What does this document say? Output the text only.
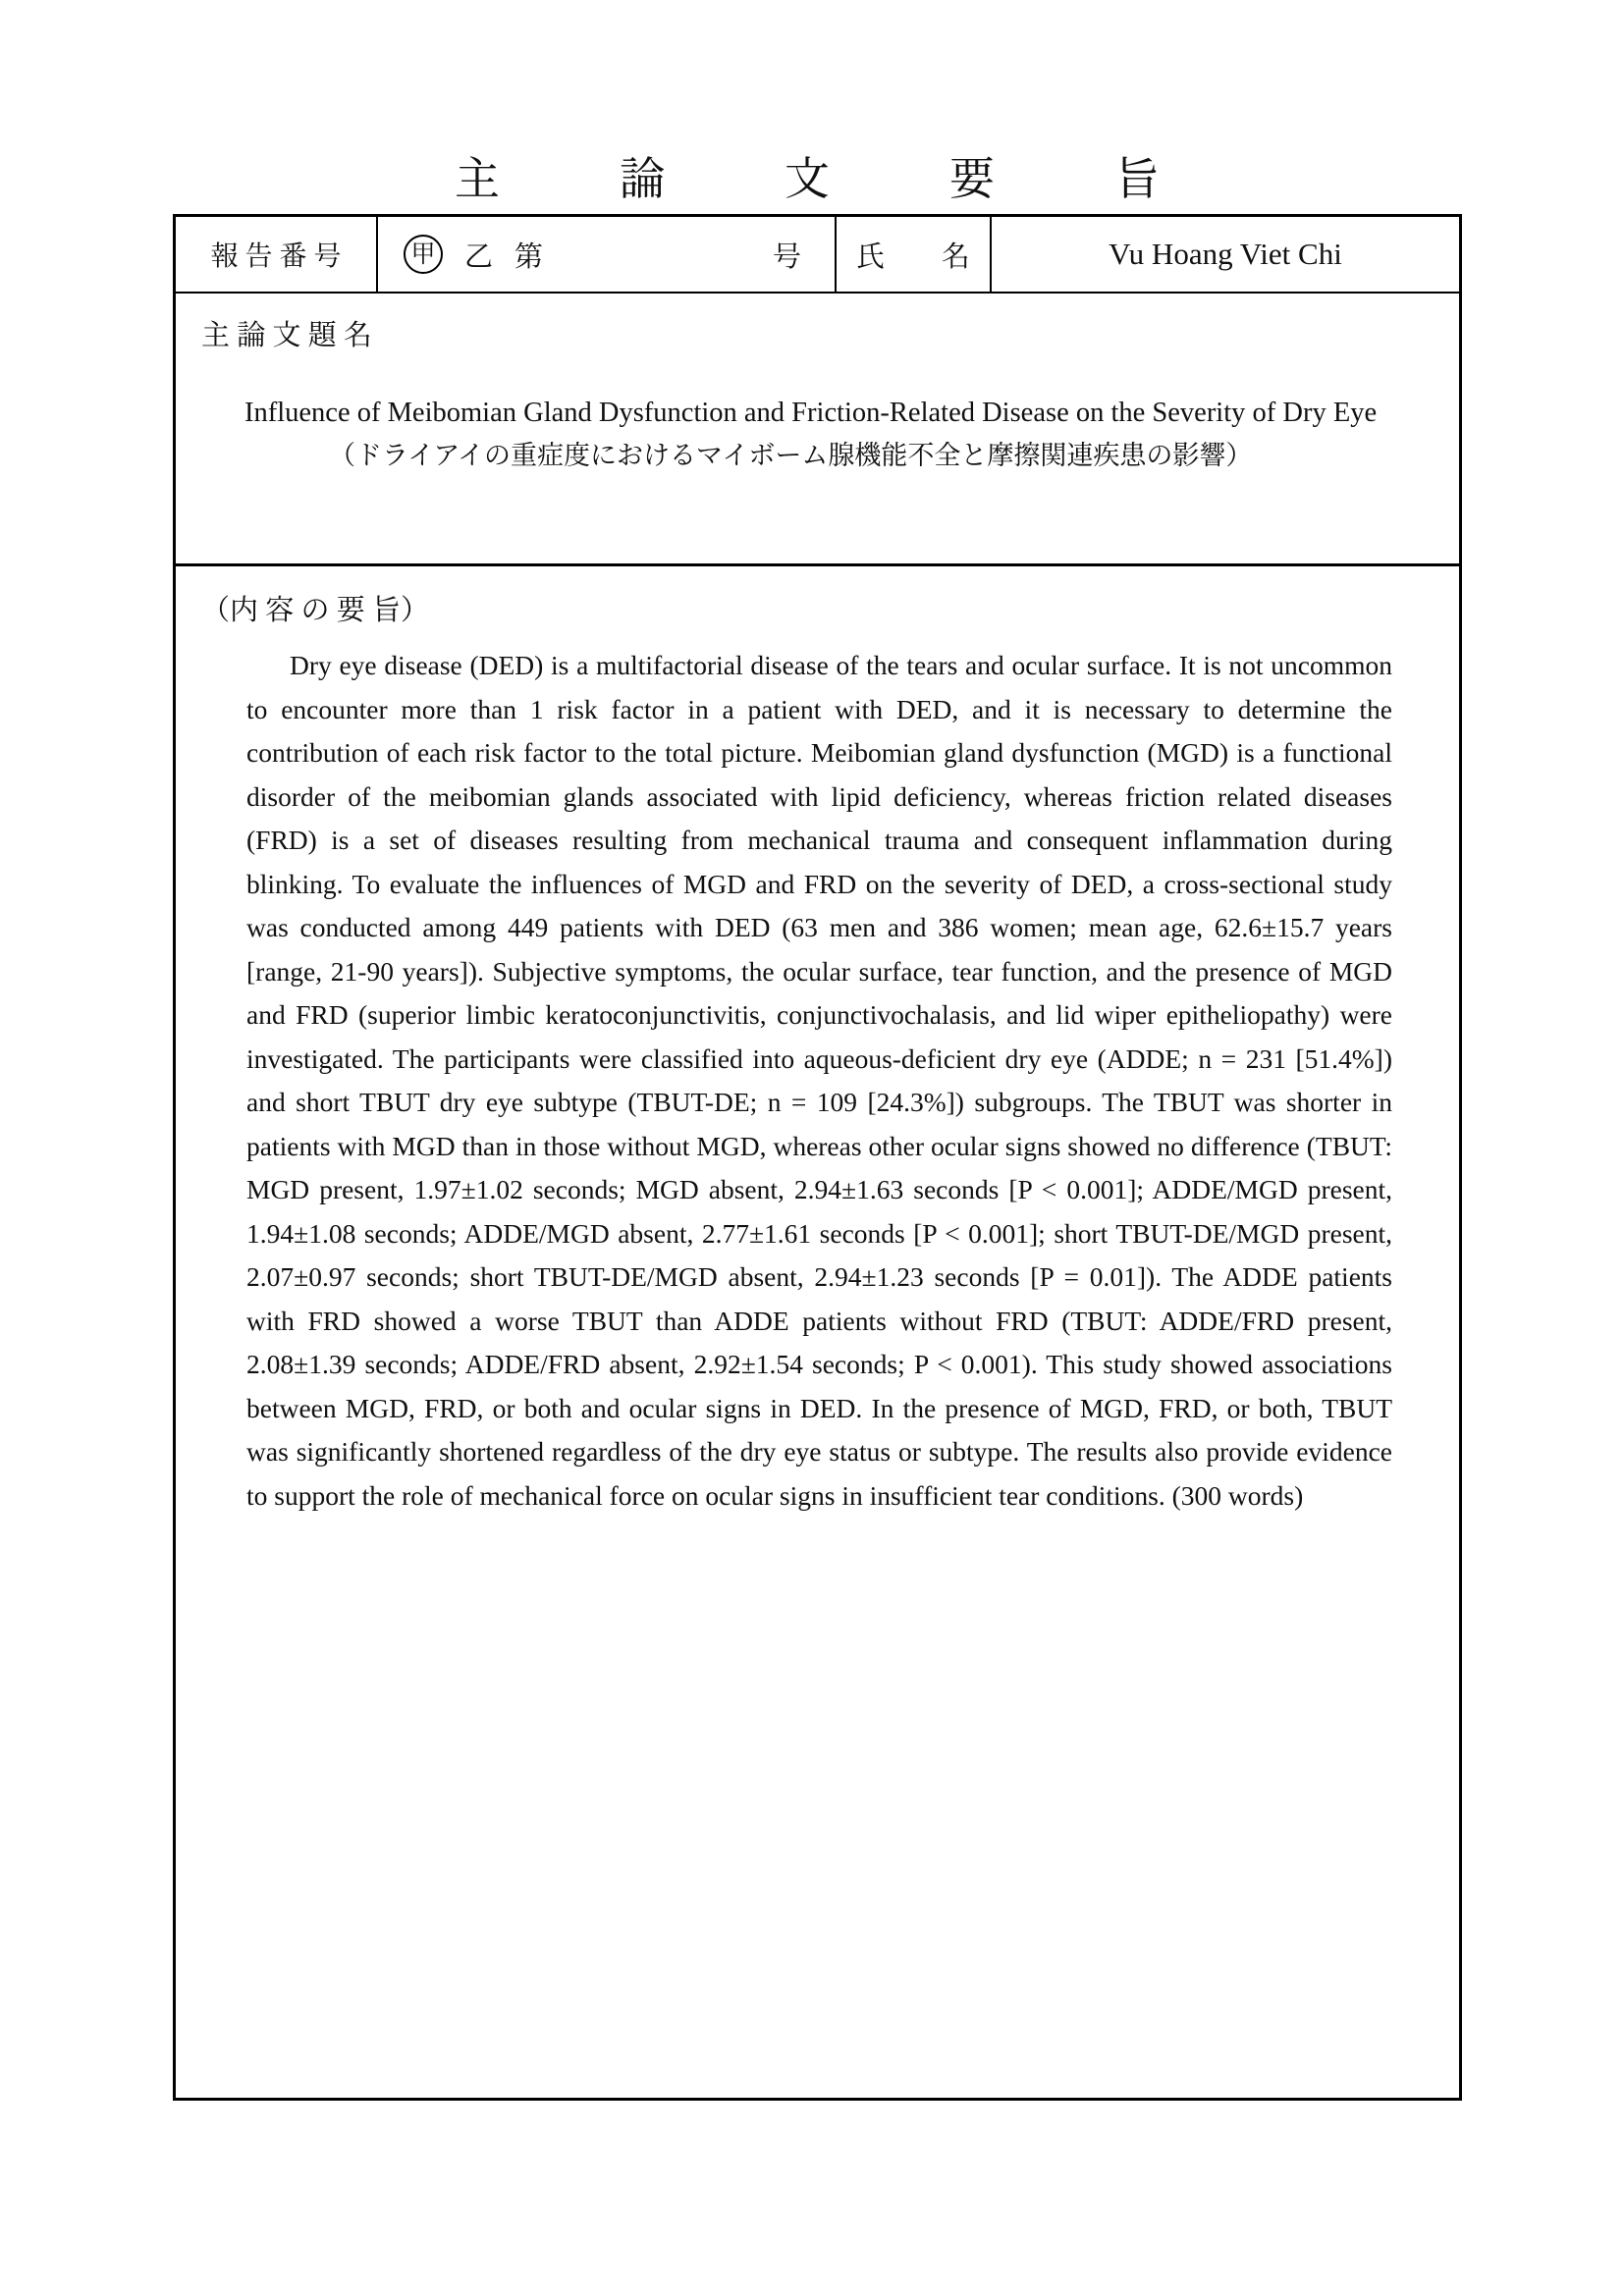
主　　論　　文　　要　　旨
報 告 番 号	甲 乙 第	号	氏　　名	Vu Hoang Viet Chi
主 論 文 題 名
Influence of Meibomian Gland Dysfunction and Friction-Related Disease on the Severity of Dry Eye
（ドライアイの重症度におけるマイボーム腺機能不全と摩擦関連疾患の影響）
（内 容 の 要 旨）
Dry eye disease (DED) is a multifactorial disease of the tears and ocular surface. It is not uncommon to encounter more than 1 risk factor in a patient with DED, and it is necessary to determine the contribution of each risk factor to the total picture. Meibomian gland dysfunction (MGD) is a functional disorder of the meibomian glands associated with lipid deficiency, whereas friction related diseases (FRD) is a set of diseases resulting from mechanical trauma and consequent inflammation during blinking. To evaluate the influences of MGD and FRD on the severity of DED, a cross-sectional study was conducted among 449 patients with DED (63 men and 386 women; mean age, 62.6±15.7 years [range, 21-90 years]). Subjective symptoms, the ocular surface, tear function, and the presence of MGD and FRD (superior limbic keratoconjunctivitis, conjunctivochalasis, and lid wiper epitheliopathy) were investigated. The participants were classified into aqueous-deficient dry eye (ADDE; n = 231 [51.4%]) and short TBUT dry eye subtype (TBUT-DE; n = 109 [24.3%]) subgroups. The TBUT was shorter in patients with MGD than in those without MGD, whereas other ocular signs showed no difference (TBUT: MGD present, 1.97±1.02 seconds; MGD absent, 2.94±1.63 seconds [P < 0.001]; ADDE/MGD present, 1.94±1.08 seconds; ADDE/MGD absent, 2.77±1.61 seconds [P < 0.001]; short TBUT-DE/MGD present, 2.07±0.97 seconds; short TBUT-DE/MGD absent, 2.94±1.23 seconds [P = 0.01]). The ADDE patients with FRD showed a worse TBUT than ADDE patients without FRD (TBUT: ADDE/FRD present, 2.08±1.39 seconds; ADDE/FRD absent, 2.92±1.54 seconds; P < 0.001). This study showed associations between MGD, FRD, or both and ocular signs in DED. In the presence of MGD, FRD, or both, TBUT was significantly shortened regardless of the dry eye status or subtype. The results also provide evidence to support the role of mechanical force on ocular signs in insufficient tear conditions. (300 words)
